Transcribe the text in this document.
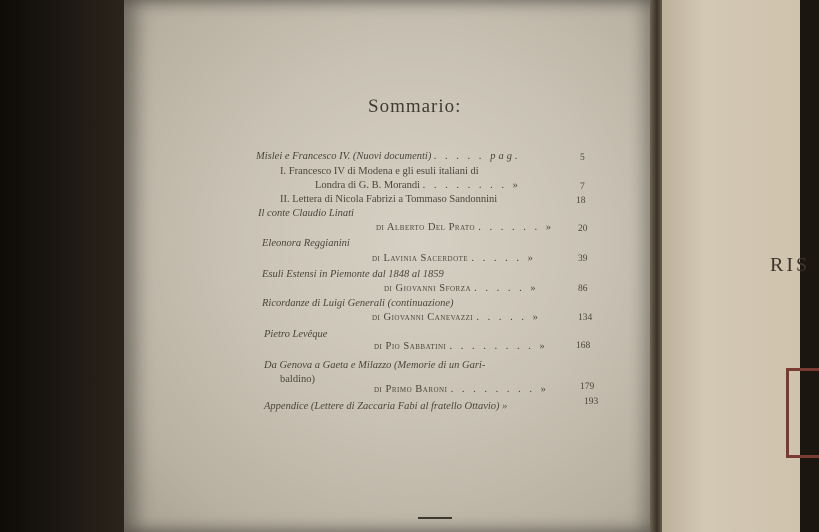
RIS
Sommario:
Mislei e Francesco IV. (Nuovi documenti) . . . . . pag.	5
I. Francesco IV di Modena e gli esuli italiani di
Londra di G. B. Morandi . . . . . . . . »	7
II. Lettera di Nicola Fabrizi a Tommaso Sandonnini	18
Il conte Claudio Linati
di Alberto Del Prato . . . . . . »	20
Eleonora Reggianini
di Lavinia Sacerdote . . . . . »	39
Esuli Estensi in Piemonte dal 1848 al 1859
di Giovanni Sforza . . . . . »	86
Ricordanze di Luigi Generali (continuazione)
di Giovanni Canevazzi . . . . . »	134
Pietro Levêque
di Pio Sabbatini . . . . . . . . »	168
Da Genova a Gaeta e Milazzo (Memorie di un Gari-
baldino)
di Primo Baroni . . . . . . . . »	179
Appendice (Lettere di Zaccaria Fabi al fratello Ottavio) »	193
